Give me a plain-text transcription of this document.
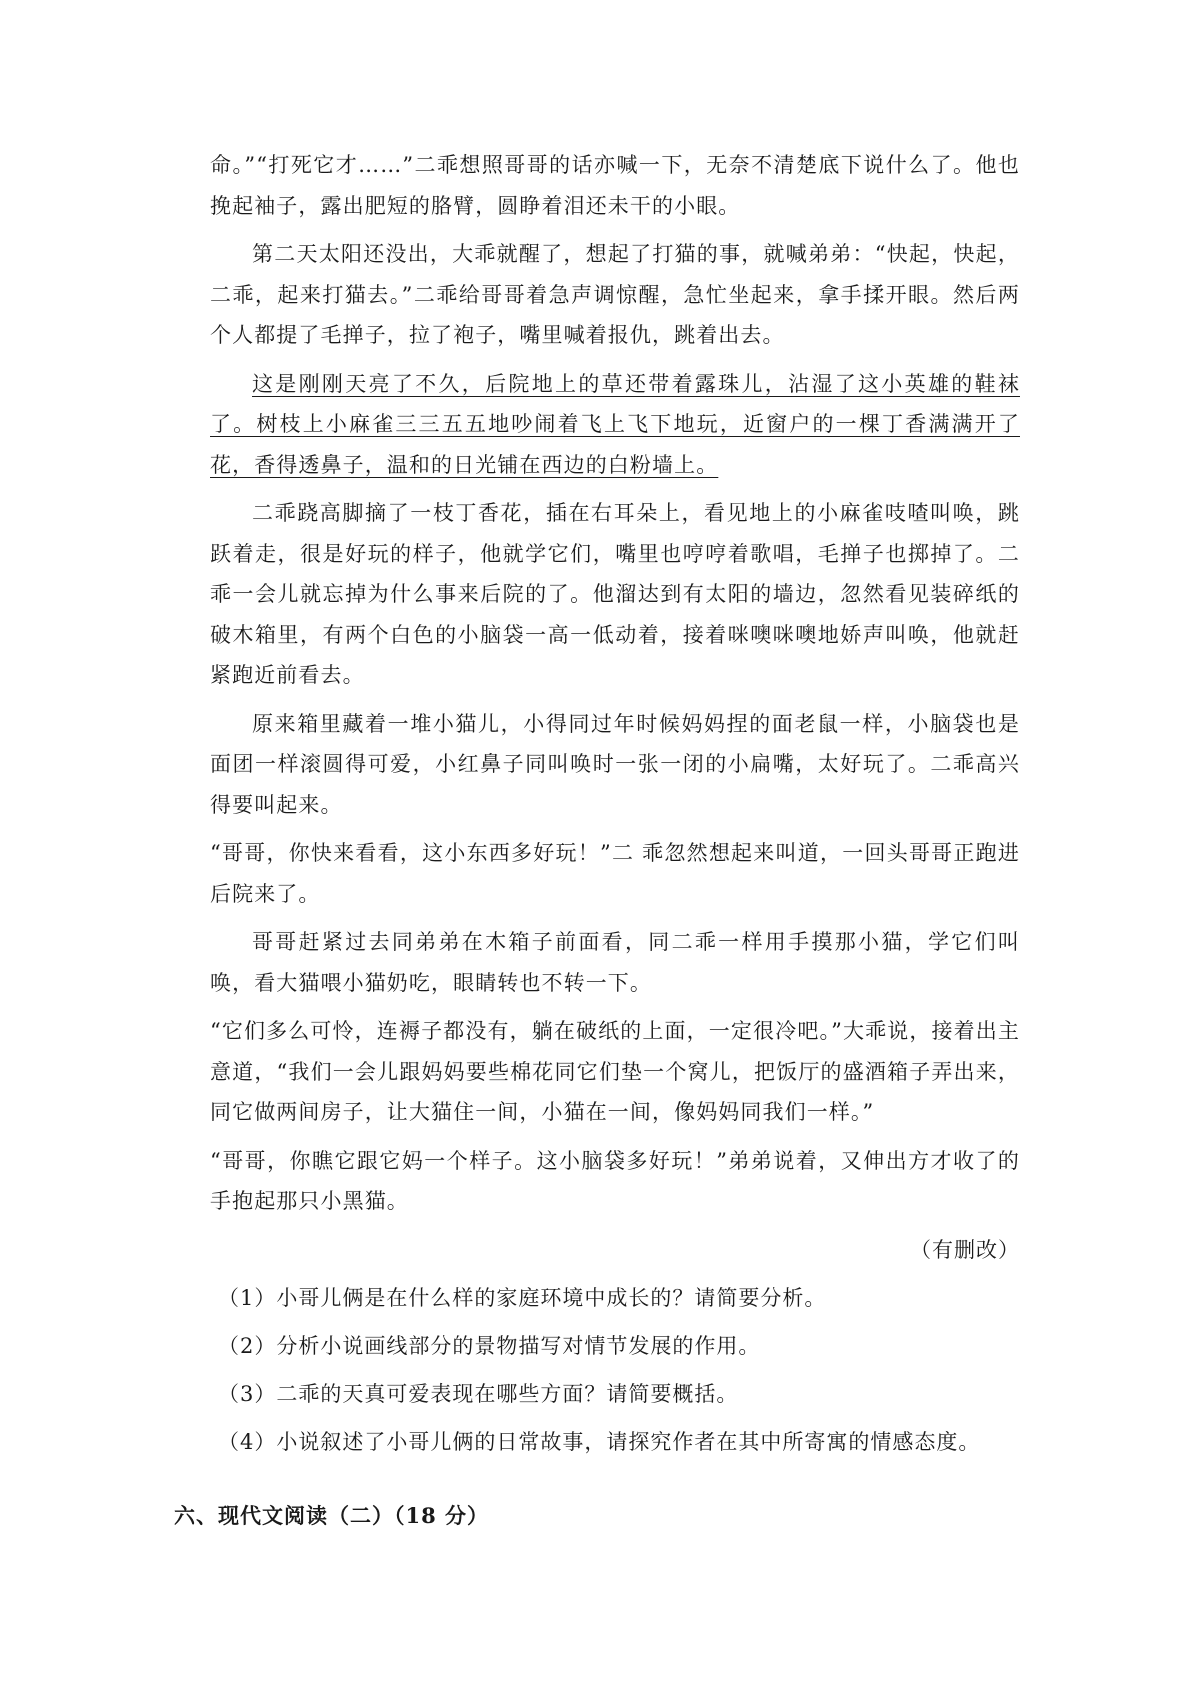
命。”“打死它才……”二乖想照哥哥的话亦喊一下，无奈不清楚底下说什么了。他也挽起袖子，露出肥短的胳臂，圆睁着泪还未干的小眼。

第二天太阳还没出，大乖就醒了，想起了打猫的事，就喊弟弟：“快起，快起，二乖，起来打猫去。”二乖给哥哥着急声调惊醒，急忙坐起来，拿手揉开眼。然后两个人都提了毛掸子，拉了袍子，嘴里喊着报仇，跳着出去。

这是刚刚天亮了不久，后院地上的草还带着露珠儿，沾湿了这小英雄的鞋袜了。树枝上小麻雀三三五五地吵闹着飞上飞下地玩，近窗户的一棵丁香满满开了花，香得透鼻子，温和的日光铺在西边的白粉墙上。

二乖跷高脚摘了一枝丁香花，插在右耳朵上，看见地上的小麻雀吱喳叫唤，跳跃着走，很是好玩的样子，他就学它们，嘴里也哼哼着歌唱，毛掸子也掷掉了。二乖一会儿就忘掉为什么事来后院的了。他溜达到有太阳的墙边，忽然看见装碎纸的破木箱里，有两个白色的小脑袋一高一低动着，接着咪噢咪噢地娇声叫唤，他就赶紧跑近前看去。

原来箱里藏着一堆小猫儿，小得同过年时候妈妈捏的面老鼠一样，小脑袋也是面团一样滚圆得可爱，小红鼻子同叫唤时一张一闭的小扁嘴，太好玩了。二乖高兴得要叫起来。

“哥哥，你快来看看，这小东西多好玩！”二 乖忽然想起来叫道，一回头哥哥正跑进后院来了。

哥哥赶紧过去同弟弟在木箱子前面看，同二乖一样用手摸那小猫，学它们叫唤，看大猫喂小猫奶吃，眼睛转也不转一下。

“它们多么可怜，连褥子都没有，躺在破纸的上面，一定很冷吧。”大乖说，接着出主意道，“我们一会儿跟妈妈要些棉花同它们垫一个窝儿，把饭厅的盛酒箱子弄出来，同它做两间房子，让大猫住一间，小猫在一间，像妈妈同我们一样。”

“哥哥，你瞧它跟它妈一个样子。这小脑袋多好玩！”弟弟说着，又伸出方才收了的手抱起那只小黑猫。

（有删改）

（1）小哥儿俩是在什么样的家庭环境中成长的？请简要分析。

（2）分析小说画线部分的景物描写对情节发展的作用。

（3）二乖的天真可爱表现在哪些方面？请简要概括。

（4）小说叙述了小哥儿俩的日常故事，请探究作者在其中所寄寓的情感态度。

六、现代文阅读（二）（18 分）
